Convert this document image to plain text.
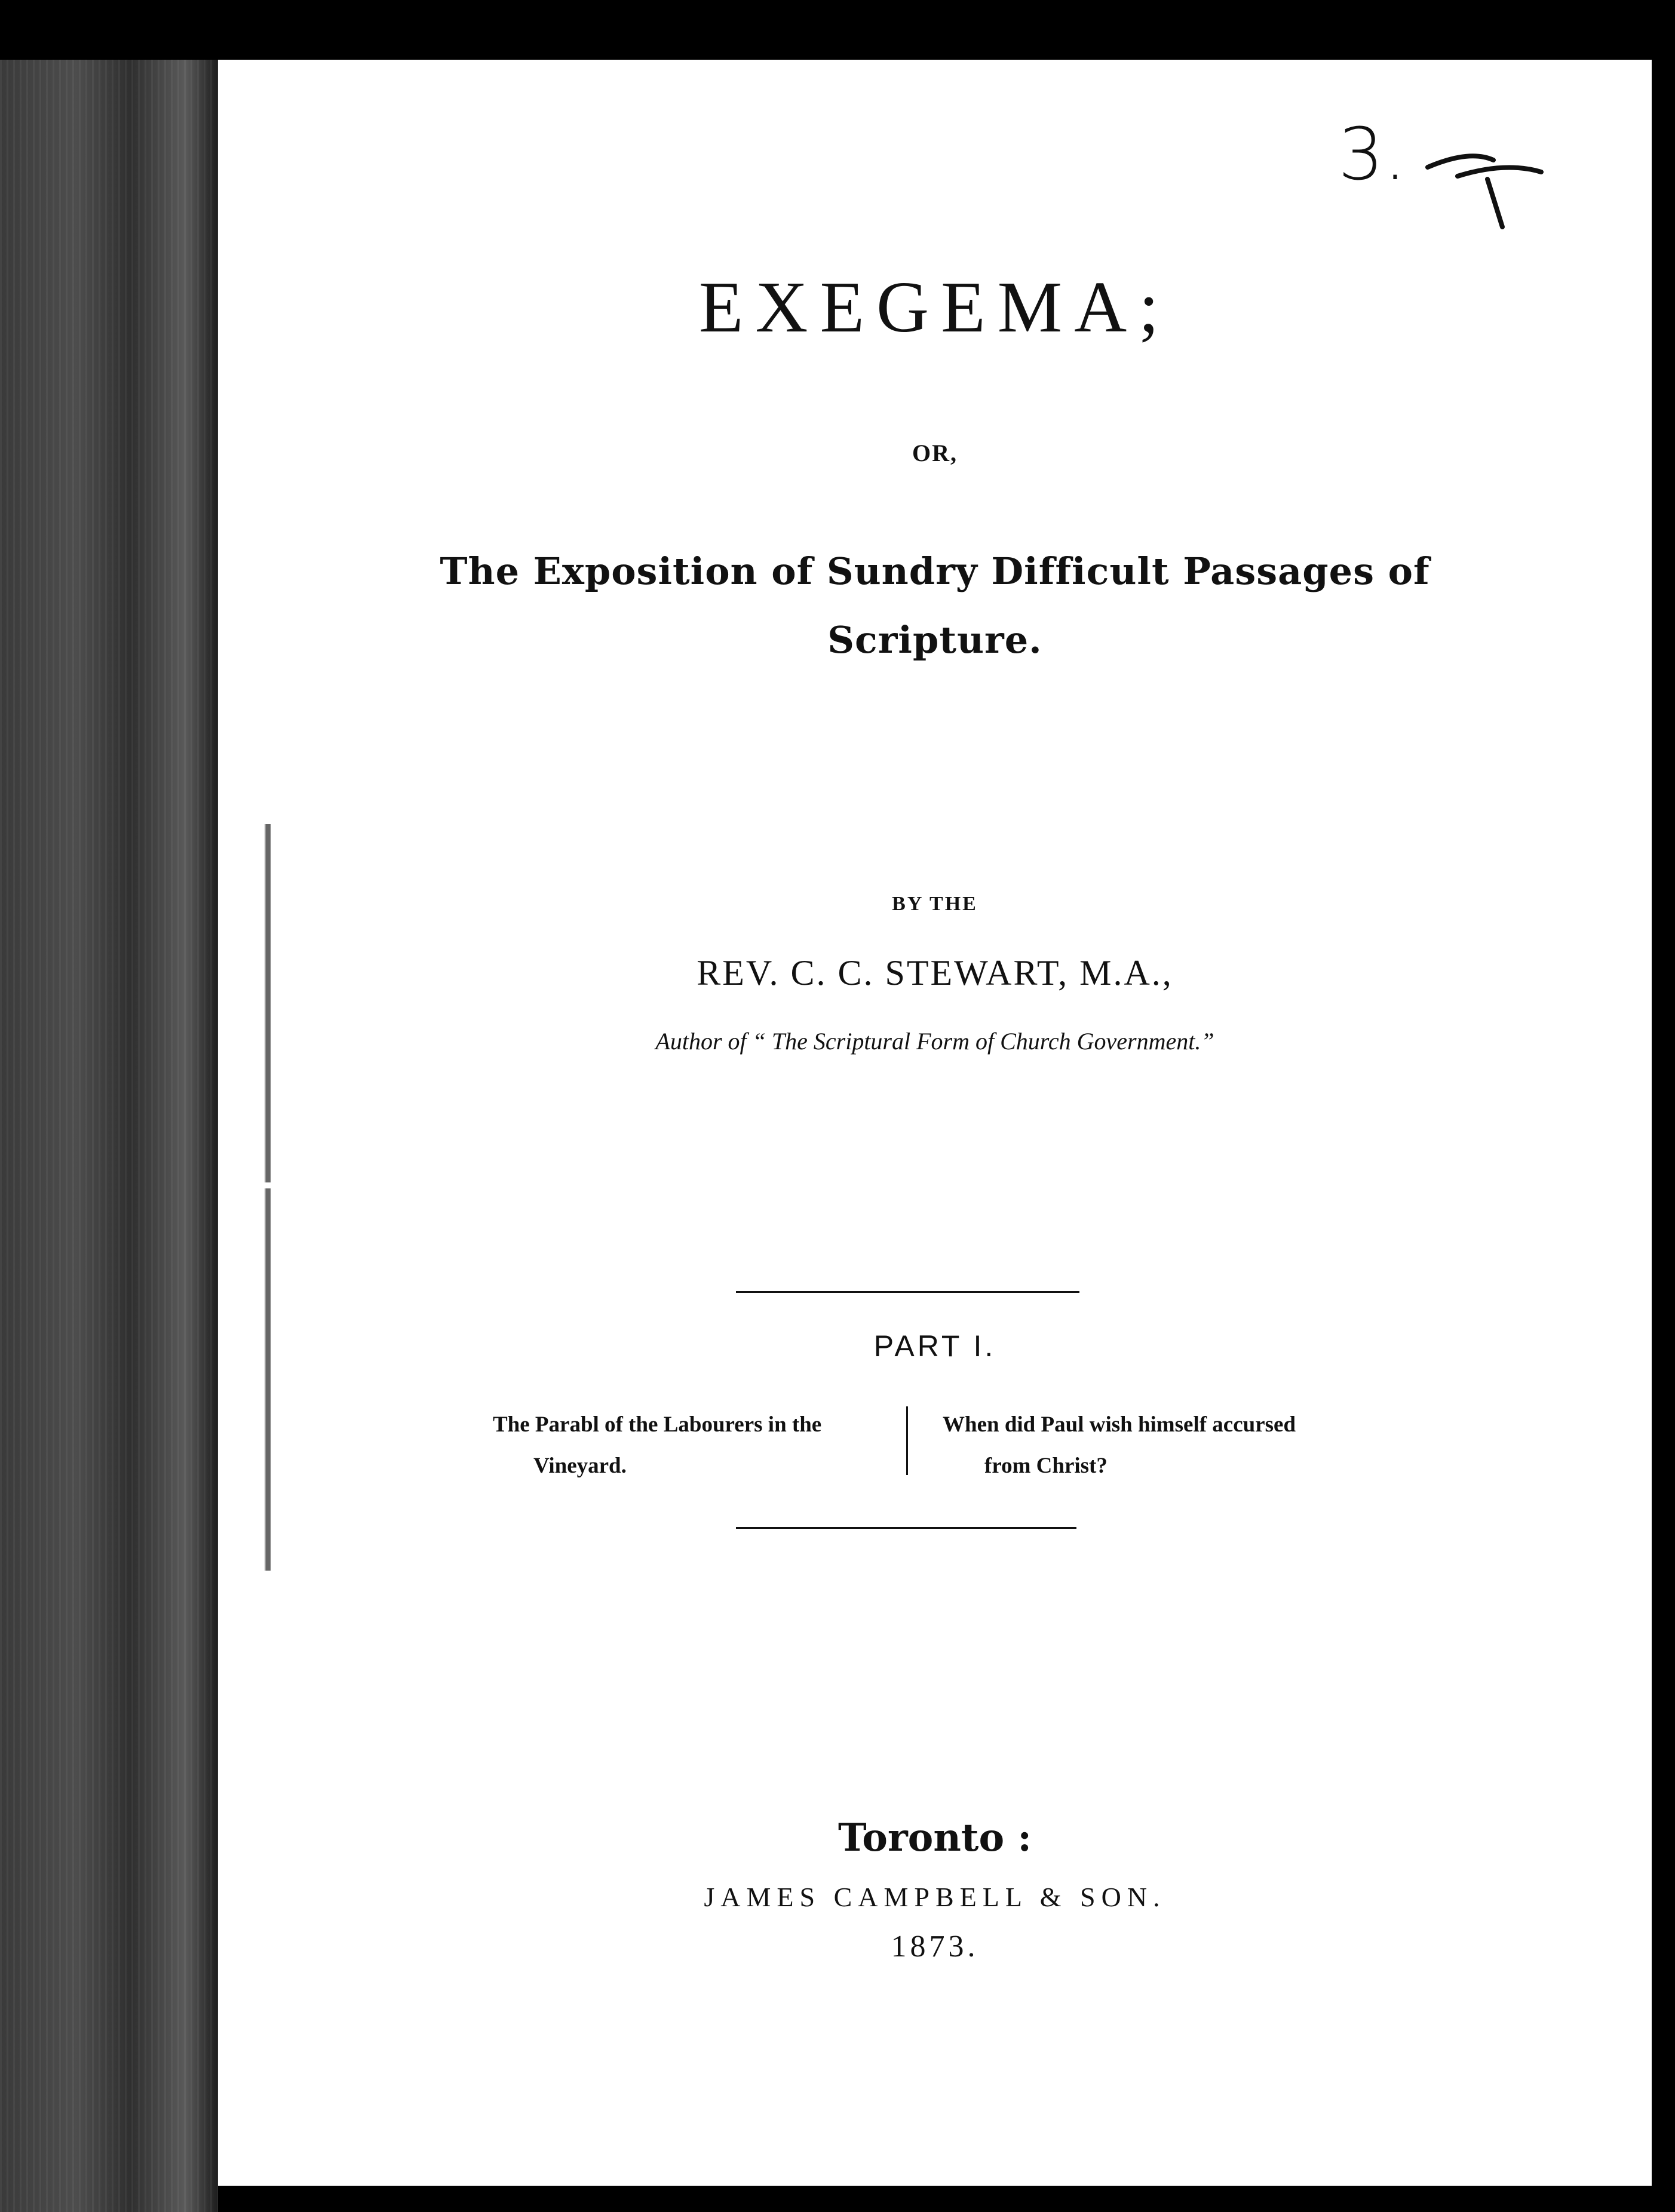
3.
EXEGEMA;
OR,
The Exposition of Sundry Difficult Passages of
Scripture.
BY THE
REV. C. C. STEWART, M.A.,
Author of “ The Scriptural Form of Church Government.”
PART I.
The Parabl of the Labourers in the
Vineyard.
When did Paul wish himself accursed
from Christ?
Toronto :
JAMES CAMPBELL & SON.
1873.
